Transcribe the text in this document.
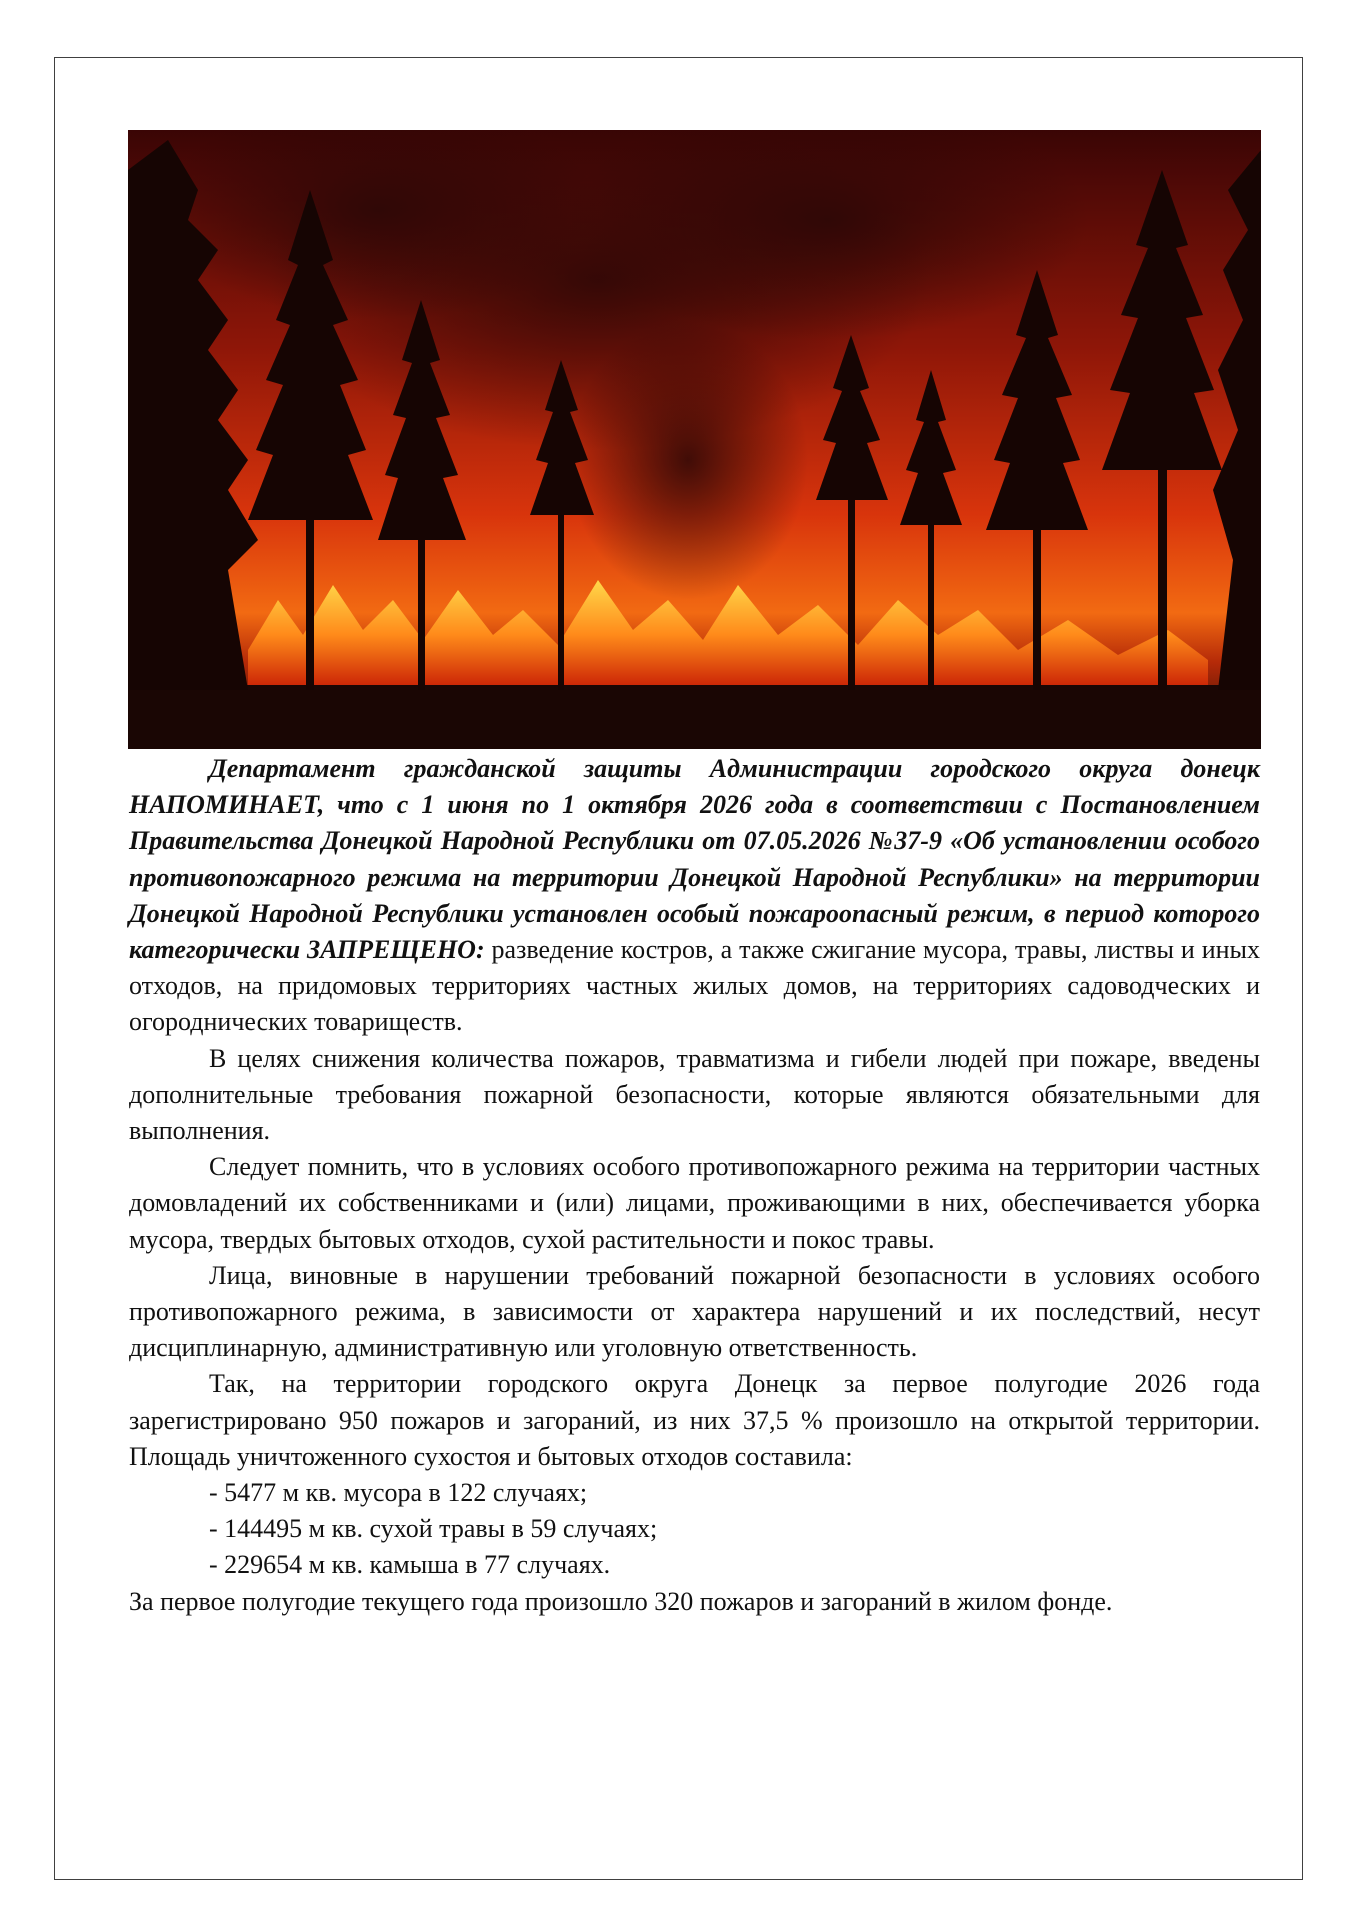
Департамент гражданской защиты Администрации городского округа донецк НАПОМИНАЕТ, что с 1 июня по 1 октября 2026 года в соответствии с Постановлением Правительства Донецкой Народной Республики от 07.05.2026 №37-9 «Об установлении особого противопожарного режима на территории Донецкой Народной Республики» на территории Донецкой Народной Республики установлен особый пожароопасный режим, в период которого категорически ЗАПРЕЩЕНО: разведение костров, а также сжигание мусора, травы, листвы и иных отходов, на придомовых территориях частных жилых домов, на территориях садоводческих и огороднических товариществ.

В целях снижения количества пожаров, травматизма и гибели людей при пожаре, введены дополнительные требования пожарной безопасности, которые являются обязательными для выполнения.

Следует помнить, что в условиях особого противопожарного режима на территории частных домовладений их собственниками и (или) лицами, проживающими в них, обеспечивается уборка мусора, твердых бытовых отходов, сухой растительности и покос травы.

Лица, виновные в нарушении требований пожарной безопасности в условиях особого противопожарного режима, в зависимости от характера нарушений и их последствий, несут дисциплинарную, административную или уголовную ответственность.

Так, на территории городского округа Донецк за первое полугодие 2026 года зарегистрировано 950 пожаров и загораний, из них 37,5 % произошло на открытой территории. Площадь уничтоженного сухостоя и бытовых отходов составила:

- 5477 м кв. мусора в 122 случаях;
- 144495 м кв. сухой травы в 59 случаях;
- 229654 м кв. камыша в 77 случаях.

За первое полугодие текущего года произошло 320 пожаров и загораний в жилом фонде.
